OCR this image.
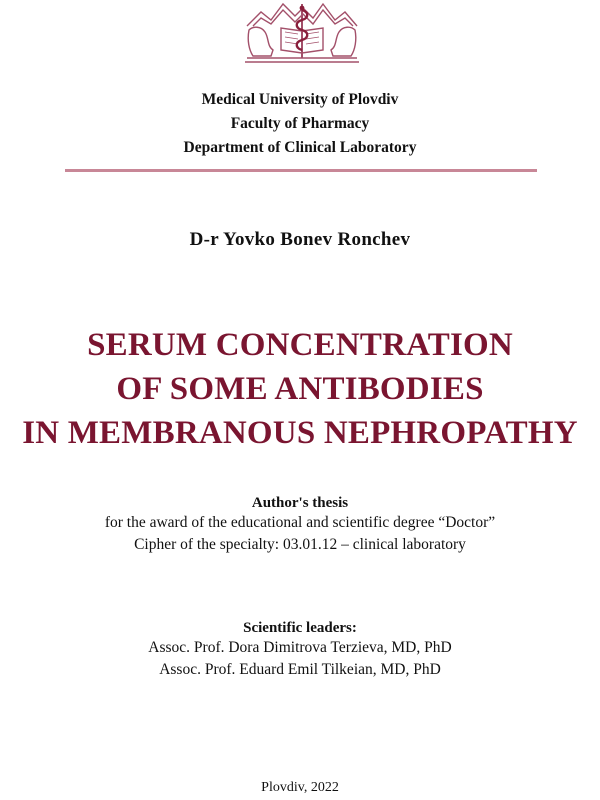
Medical University of Plovdiv
Faculty of Pharmacy
Department of Clinical Laboratory
D-r Yovko Bonev Ronchev
SERUM CONCENTRATION
OF SOME ANTIBODIES
IN MEMBRANOUS NEPHROPATHY
Author's thesis
for the award of the educational and scientific degree “Doctor”
Cipher of the specialty: 03.01.12 – clinical laboratory
Scientific leaders:
Assoc. Prof. Dora Dimitrova Terzieva, MD, PhD
Assoc. Prof. Eduard Emil Tilkeian, MD, PhD
Plovdiv, 2022
